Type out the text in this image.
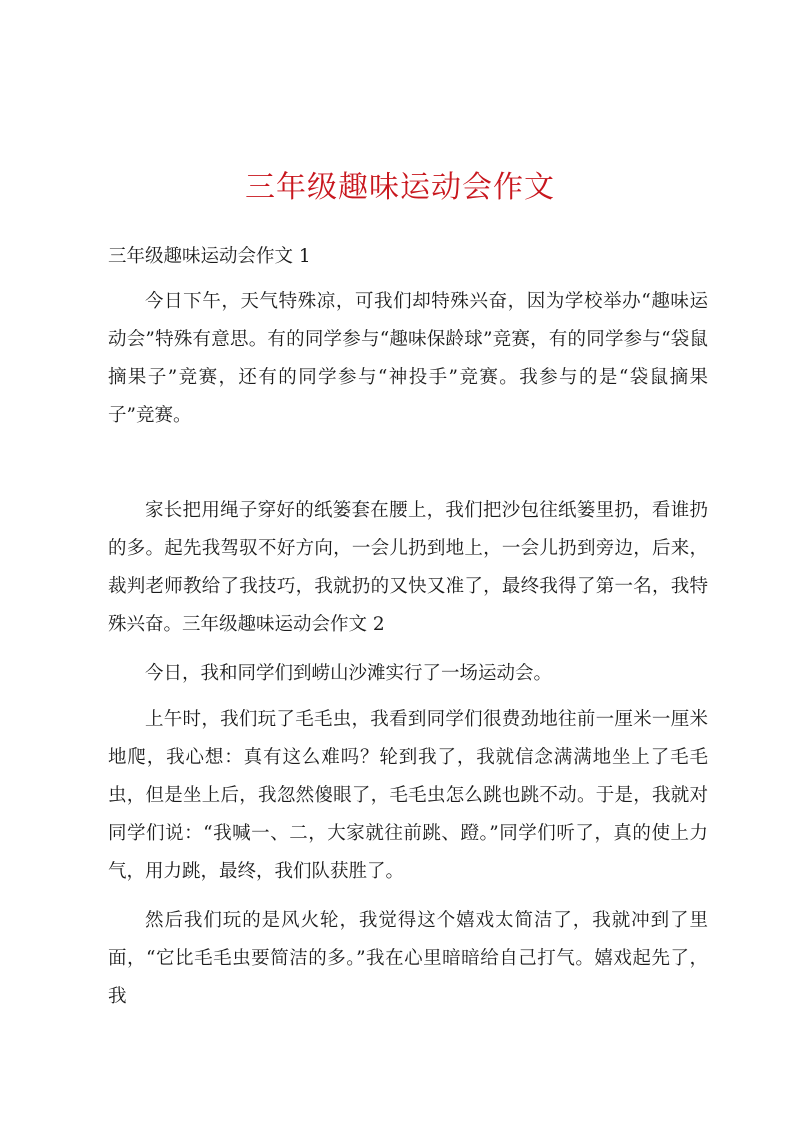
三年级趣味运动会作文
三年级趣味运动会作文 1
今日下午，天气特殊凉，可我们却特殊兴奋，因为学校举办“趣味运动会”特殊有意思。有的同学参与“趣味保龄球”竞赛，有的同学参与“袋鼠摘果子”竞赛，还有的同学参与“神投手”竞赛。我参与的是“袋鼠摘果子”竞赛。
家长把用绳子穿好的纸篓套在腰上，我们把沙包往纸篓里扔，看谁扔的多。起先我驾驭不好方向，一会儿扔到地上，一会儿扔到旁边，后来，裁判老师教给了我技巧，我就扔的又快又准了，最终我得了第一名，我特殊兴奋。三年级趣味运动会作文 2
今日，我和同学们到崂山沙滩实行了一场运动会。
上午时，我们玩了毛毛虫，我看到同学们很费劲地往前一厘米一厘米地爬，我心想：真有这么难吗？轮到我了，我就信念满满地坐上了毛毛虫，但是坐上后，我忽然傻眼了，毛毛虫怎么跳也跳不动。于是，我就对同学们说：“我喊一、二，大家就往前跳、蹬。”同学们听了，真的使上力气，用力跳，最终，我们队获胜了。
然后我们玩的是风火轮，我觉得这个嬉戏太简洁了，我就冲到了里面，“它比毛毛虫要简洁的多。”我在心里暗暗给自己打气。嬉戏起先了，我
